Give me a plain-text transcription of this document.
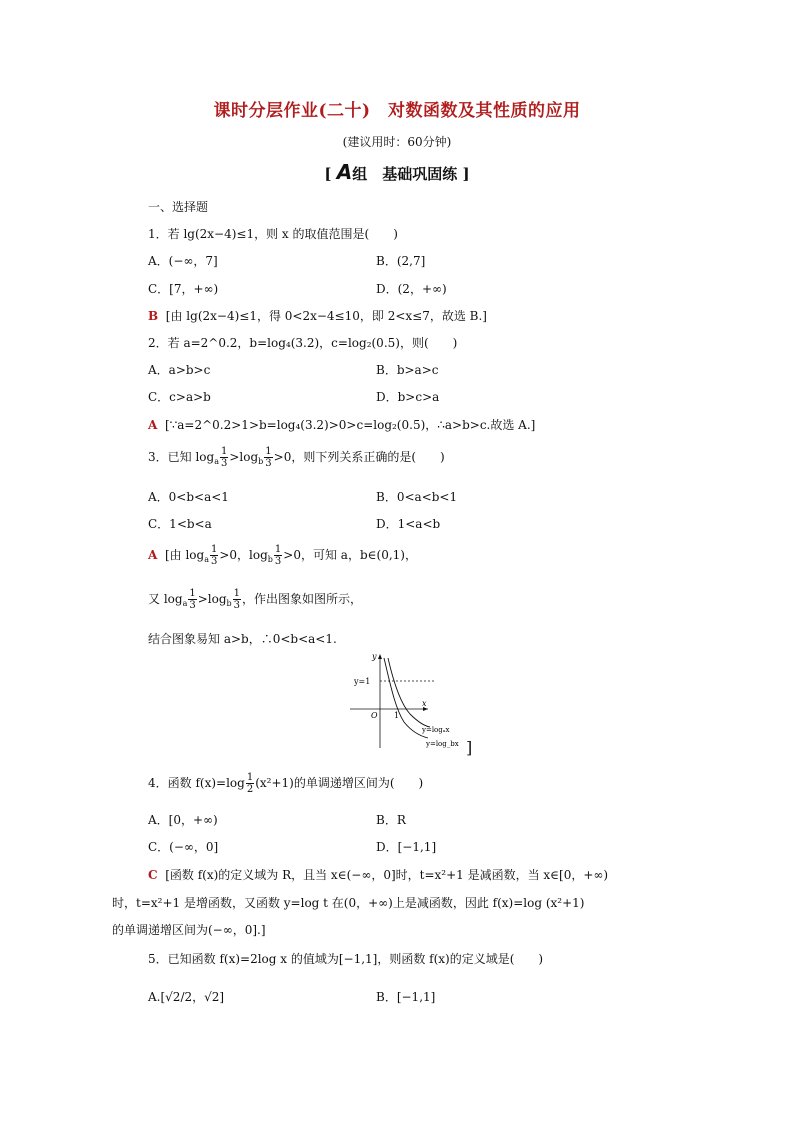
课时分层作业(二十)　对数函数及其性质的应用
(建议用时：60分钟)
[ A组　基础巩固练 ]
一、选择题
1．若 lg(2x−4)≤1，则 x 的取值范围是(　　)
A．(−∞，7]	B．(2,7]
C．[7，+∞)	D．(2，+∞)
B [由 lg(2x−4)≤1，得 0<2x−4≤10，即 2<x≤7，故选 B.]
2．若 a=2^0.2，b=log₄(3.2)，c=log₂(0.5)，则(　　)
A．a>b>c	B．b>a>c
C．c>a>b	D．b>c>a
A [∵a=2^0.2>1>b=log₄(3.2)>0>c=log₂(0.5)，∴a>b>c.故选 A.]
3．已知 $\log_a \frac{1}{3} >\log_b \frac{1}{3} >0$，则下列关系正确的是(　　)
A．0<b<a<1	B．0<a<b<1
C．1<b<a	D．1<a<b
A [由 $\log_a \frac{1}{3} >0$，$\log_b \frac{1}{3} >0$，可知 a，b∈(0,1)，
又 $\log_a \frac{1}{3} >\log_b \frac{1}{3}$ ，作出图象如图所示，
结合图象易知 a>b，∴0<b<a<1.
y
x
O 1
y=1
y=logₐx
y=log_bx ]
4．函数 $f(x)=\log \frac{1}{2} (x^2+1)$的单调递增区间为(　　)
A．[0，+∞)	B．R
C．(−∞，0]	D．[−1,1]
C [函数 f(x)的定义域为 R，且当 x∈(−∞，0]时，t=x²+1 是减函数，当 x∈[0，+∞)
时，t=x²+1 是增函数，又函数 y=log t 在(0，+∞)上是减函数，因此 f(x)=log (x²+1)
的单调递增区间为(−∞，0].]
5．已知函数 f(x)=2log x 的值域为[−1,1]，则函数 f(x)的定义域是(　　)
A.[√2/2，√2]	B．[−1,1]
